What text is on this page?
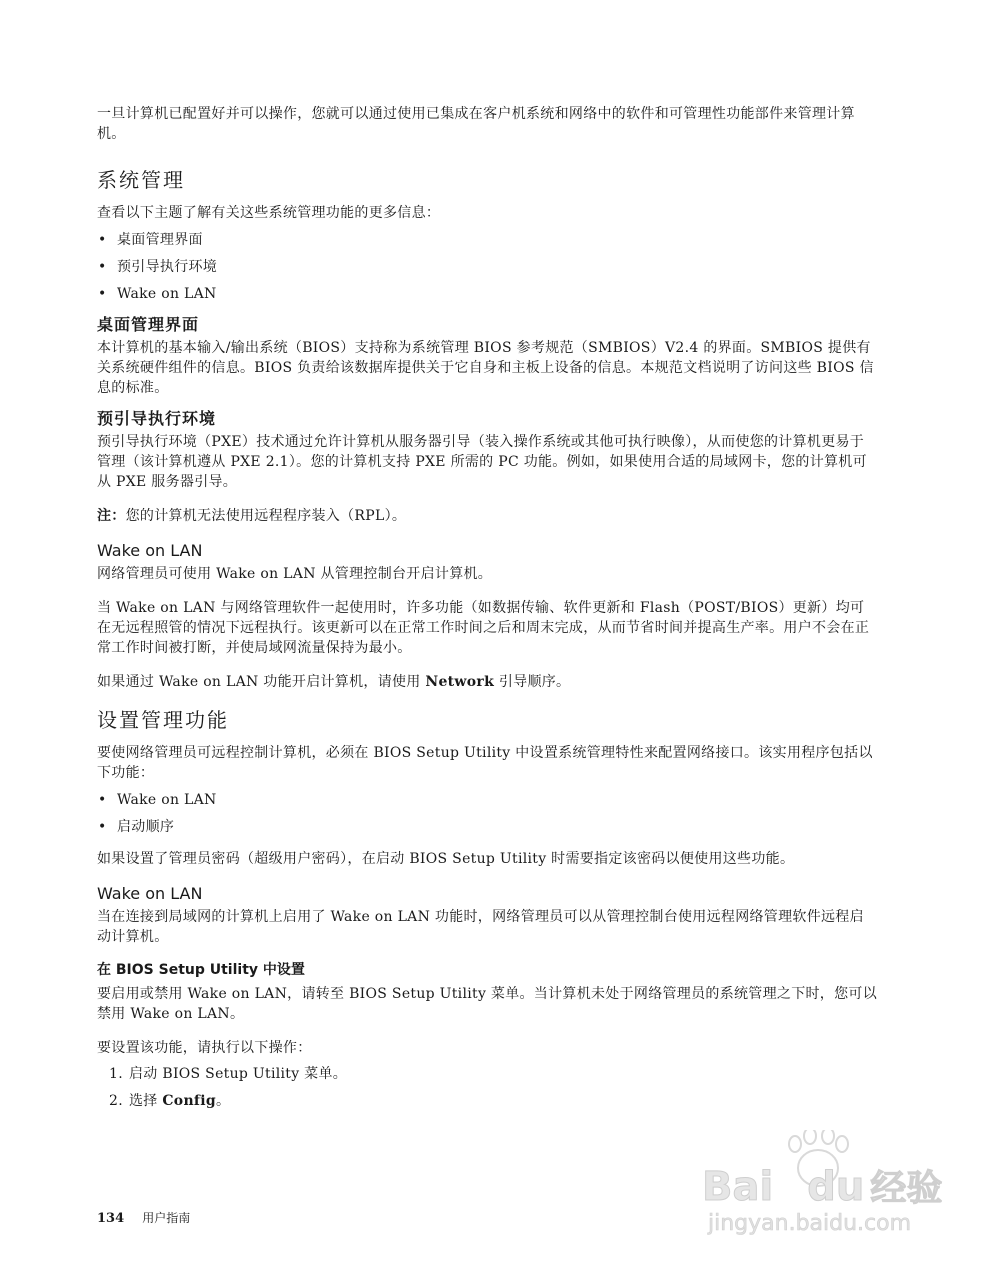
一旦计算机已配置好并可以操作，您就可以通过使用已集成在客户机系统和网络中的软件和可管理性功能部件来管理计算机。

系统管理

查看以下主题了解有关这些系统管理功能的更多信息：

• 桌面管理界面
• 预引导执行环境
• Wake on LAN
桌面管理界面

本计算机的基本输入/输出系统（BIOS）支持称为系统管理 BIOS 参考规范（SMBIOS）V2.4 的界面。SMBIOS 提供有关系统硬件组件的信息。BIOS 负责给该数据库提供关于它自身和主板上设备的信息。本规范文档说明了访问这些 BIOS 信息的标准。

预引导执行环境

预引导执行环境（PXE）技术通过允许计算机从服务器引导（装入操作系统或其他可执行映像），从而使您的计算机更易于管理（该计算机遵从 PXE 2.1）。您的计算机支持 PXE 所需的 PC 功能。例如，如果使用合适的局域网卡，您的计算机可从 PXE 服务器引导。

注：您的计算机无法使用远程程序装入（RPL）。

Wake on LAN

网络管理员可使用 Wake on LAN 从管理控制台开启计算机。

当 Wake on LAN 与网络管理软件一起使用时，许多功能（如数据传输、软件更新和 Flash（POST/BIOS）更新）均可在无远程照管的情况下远程执行。该更新可以在正常工作时间之后和周末完成，从而节省时间并提高生产率。用户不会在正常工作时间被打断，并使局域网流量保持为最小。

如果通过 Wake on LAN 功能开启计算机，请使用 Network 引导顺序。

设置管理功能

要使网络管理员可远程控制计算机，必须在 BIOS Setup Utility 中设置系统管理特性来配置网络接口。该实用程序包括以下功能：

• Wake on LAN
• 启动顺序

如果设置了管理员密码（超级用户密码），在启动 BIOS Setup Utility 时需要指定该密码以便使用这些功能。

Wake on LAN

当在连接到局域网的计算机上启用了 Wake on LAN 功能时，网络管理员可以从管理控制台使用远程网络管理软件远程启动计算机。

在 BIOS Setup Utility 中设置

要启用或禁用 Wake on LAN，请转至 BIOS Setup Utility 菜单。当计算机未处于网络管理员的系统管理之下时，您可以禁用 Wake on LAN。

要设置该功能，请执行以下操作：

1. 启动 BIOS Setup Utility 菜单。
2. 选择 Config。
134 用户指南
Bai du 经验
jingyan.baidu.com
